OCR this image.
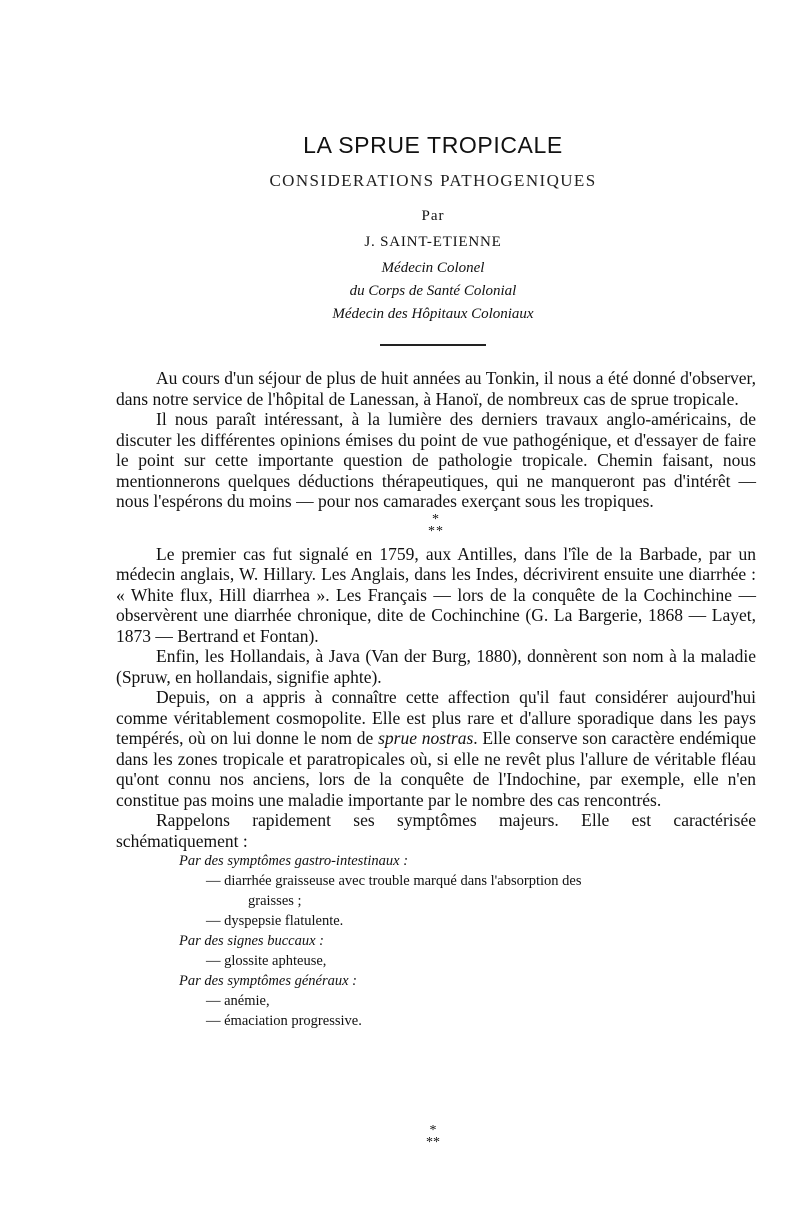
LA SPRUE TROPICALE
CONSIDERATIONS PATHOGENIQUES
Par
J. SAINT-ETIENNE
Médecin Colonel
du Corps de Santé Colonial
Médecin des Hôpitaux Coloniaux

Au cours d'un séjour de plus de huit années au Tonkin, il nous a été donné d'observer, dans notre service de l'hôpital de Lanessan, à Hanoï, de nombreux cas de sprue tropicale.

Il nous paraît intéressant, à la lumière des derniers travaux anglo-américains, de discuter les différentes opinions émises du point de vue pathogénique, et d'essayer de faire le point sur cette importante question de pathologie tropicale. Chemin faisant, nous mentionnerons quelques déductions thérapeutiques, qui ne manqueront pas d'intérêt — nous l'espérons du moins — pour nos camarades exerçant sous les tropiques.

*
**

Le premier cas fut signalé en 1759, aux Antilles, dans l'île de la Barbade, par un médecin anglais, W. Hillary. Les Anglais, dans les Indes, décrivirent ensuite une diarrhée : « White flux, Hill diarrhea ». Les Français — lors de la conquête de la Cochinchine — observèrent une diarrhée chronique, dite de Cochinchine (G. La Bargerie, 1868 — Layet, 1873 — Bertrand et Fontan).

Enfin, les Hollandais, à Java (Van der Burg, 1880), donnèrent son nom à la maladie (Spruw, en hollandais, signifie aphte).

Depuis, on a appris à connaître cette affection qu'il faut considérer aujourd'hui comme véritablement cosmopolite. Elle est plus rare et d'allure sporadique dans les pays tempérés, où on lui donne le nom de sprue nostras. Elle conserve son caractère endémique dans les zones tropicale et paratropicales où, si elle ne revêt plus l'allure de véritable fléau qu'ont connu nos anciens, lors de la conquête de l'Indochine, par exemple, elle n'en constitue pas moins une maladie importante par le nombre des cas rencontrés.

Rappelons rapidement ses symptômes majeurs. Elle est caractérisée schématiquement :

Par des symptômes gastro-intestinaux :
— diarrhée graisseuse avec trouble marqué dans l'absorption des
graisses ;
— dyspepsie flatulente.
Par des signes buccaux :
— glossite aphteuse,
Par des symptômes généraux :
— anémie,
— émaciation progressive.
*
**
